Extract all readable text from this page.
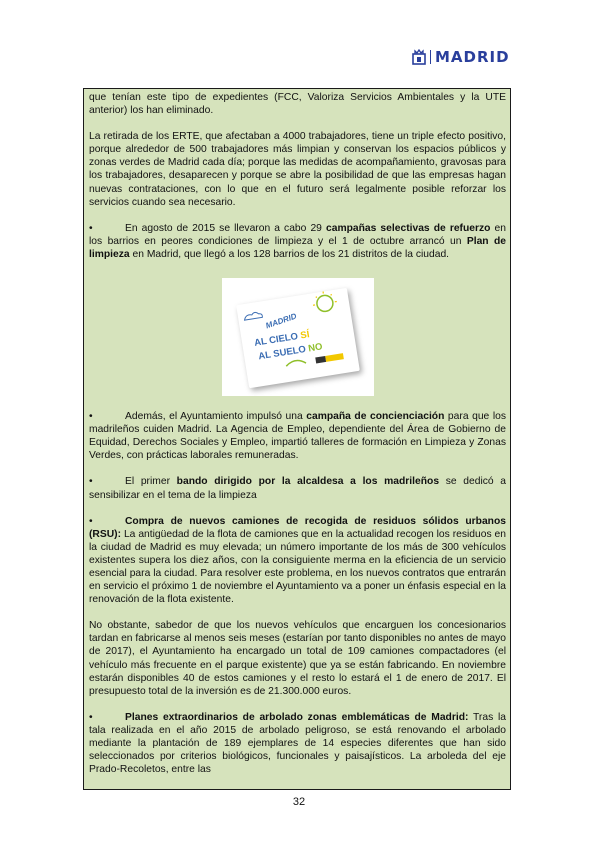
MADRID

que tenían este tipo de expedientes (FCC, Valoriza Servicios Ambientales y la UTE anterior) los han eliminado.

La retirada de los ERTE, que afectaban a 4000 trabajadores, tiene un triple efecto positivo, porque alrededor de 500 trabajadores más limpian y conservan los espacios públicos y zonas verdes de Madrid cada día; porque las medidas de acompañamiento, gravosas para los trabajadores, desaparecen y porque se abre la posibilidad de que las empresas hagan nuevas contrataciones, con lo que en el futuro será legalmente posible reforzar los servicios cuando sea necesario.

•En agosto de 2015 se llevaron a cabo 29 campañas selectivas de refuerzo en los barrios en peores condiciones de limpieza y el 1 de octubre arrancó un Plan de limpieza en Madrid, que llegó a los 128 barrios de los 21 distritos de la ciudad.

MADRID
AL CIELO SÍ
AL SUELO NO

•Además, el Ayuntamiento impulsó una campaña de concienciación para que los madrileños cuiden Madrid. La Agencia de Empleo, dependiente del Área de Gobierno de Equidad, Derechos Sociales y Empleo, impartió talleres de formación en Limpieza y Zonas Verdes, con prácticas laborales remuneradas.

•El primer bando dirigido por la alcaldesa a los madrileños se dedicó a sensibilizar en el tema de la limpieza

•Compra de nuevos camiones de recogida de residuos sólidos urbanos (RSU): La antigüedad de la flota de camiones que en la actualidad recogen los residuos en la ciudad de Madrid es muy elevada; un número importante de los más de 300 vehículos existentes supera los diez años, con la consiguiente merma en la eficiencia de un servicio esencial para la ciudad. Para resolver este problema, en los nuevos contratos que entrarán en servicio el próximo 1 de noviembre el Ayuntamiento va a poner un énfasis especial en la renovación de la flota existente.

No obstante, sabedor de que los nuevos vehículos que encarguen los concesionarios tardan en fabricarse al menos seis meses (estarían por tanto disponibles no antes de mayo de 2017), el Ayuntamiento ha encargado un total de 109 camiones compactadores (el vehículo más frecuente en el parque existente) que ya se están fabricando. En noviembre estarán disponibles 40 de estos camiones y el resto lo estará el 1 de enero de 2017. El presupuesto total de la inversión es de 21.300.000 euros.

•Planes extraordinarios de arbolado zonas emblemáticas de Madrid: Tras la tala realizada en el año 2015 de arbolado peligroso, se está renovando el arbolado mediante la plantación de 189 ejemplares de 14 especies diferentes que han sido seleccionados por criterios biológicos, funcionales y paisajísticos. La arboleda del eje Prado-Recoletos, entre las

32
